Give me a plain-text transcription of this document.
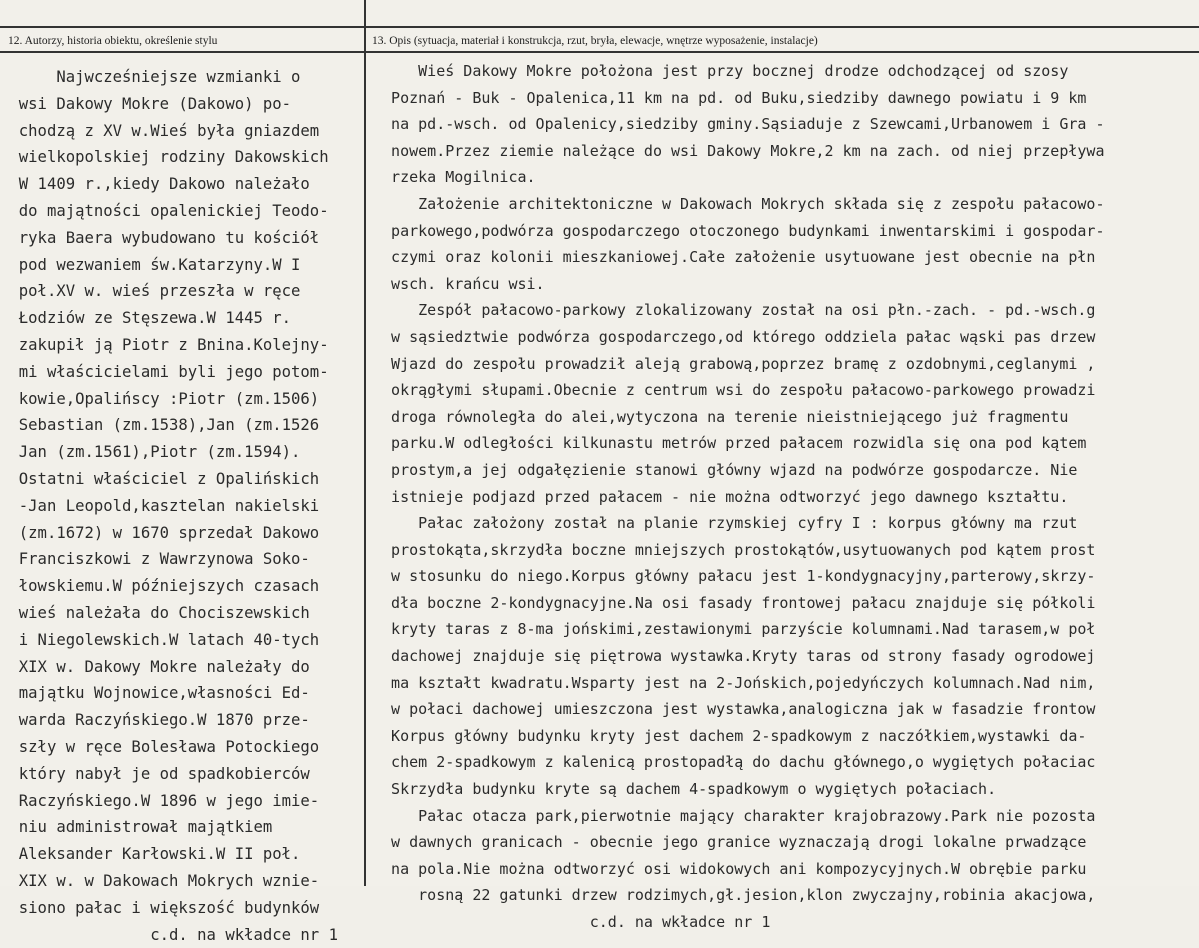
12. Autorzy, historia obiektu, określenie stylu	13. Opis (sytuacja, materiał i konstrukcja, rzut, bryła, elewacje, wnętrze wyposażenie, instalacje)
Najwcześniejsze wzmianki o
wsi Dakowy Mokre (Dakowo) po-
chodzą z XV w.Wieś była gniazdem
wielkopolskiej rodziny Dakowskich
W 1409 r.,kiedy Dakowo należało
do majątności opalenickiej Teodo-
ryka Baera wybudowano tu kościół
pod wezwaniem św.Katarzyny.W I
poł.XV w. wieś przeszła w ręce
Łodziów ze Stęszewa.W 1445 r.
zakupił ją Piotr z Bnina.Kolejny-
mi właścicielami byli jego potom-
kowie,Opalińscy :Piotr (zm.1506)
Sebastian (zm.1538),Jan (zm.1526
Jan (zm.1561),Piotr (zm.1594).
Ostatni właściciel z Opalińskich
-Jan Leopold,kasztelan nakielski
(zm.1672) w 1670 sprzedał Dakowo
Franciszkowi z Wawrzynowa Soko-
łowskiemu.W późniejszych czasach
wieś należała do Chociszewskich
i Niegolewskich.W latach 40-tych
XIX w. Dakowy Mokre należały do
majątku Wojnowice,własności Ed-
warda Raczyńskiego.W 1870 prze-
szły w ręce Bolesława Potockiego
który nabył je od spadkobierców
Raczyńskiego.W 1896 w jego imie-
niu administrował majątkiem
Aleksander Karłowski.W II poł.
XIX w. w Dakowach Mokrych wznie-
siono pałac i większość budynków
c.d. na wkładce nr 1
Wieś Dakowy Mokre położona jest przy bocznej drodze odchodzącej od szosy
Poznań - Buk - Opalenica,11 km na pd. od Buku,siedziby dawnego powiatu i 9 km
na pd.-wsch. od Opalenicy,siedziby gminy.Sąsiaduje z Szewcami,Urbanowem i Gra -
nowem.Przez ziemie należące do wsi Dakowy Mokre,2 km na zach. od niej przepływa
rzeka Mogilnica.
Założenie architektoniczne w Dakowach Mokrych składa się z zespołu pałacowo-
parkowego,podwórza gospodarczego otoczonego budynkami inwentarskimi i gospodar-
czymi oraz kolonii mieszkaniowej.Całe założenie usytuowane jest obecnie na płn
wsch. krańcu wsi.
Zespół pałacowo-parkowy zlokalizowany został na osi płn.-zach. - pd.-wsch.g
w sąsiedztwie podwórza gospodarczego,od którego oddziela pałac wąski pas drzew
Wjazd do zespołu prowadził aleją grabową,poprzez bramę z ozdobnymi,ceglanymi ,
okrągłymi słupami.Obecnie z centrum wsi do zespołu pałacowo-parkowego prowadzi
droga równoległa do alei,wytyczona na terenie nieistniejącego już fragmentu
parku.W odległości kilkunastu metrów przed pałacem rozwidla się ona pod kątem
prostym,a jej odgałęzienie stanowi główny wjazd na podwórze gospodarcze. Nie
istnieje podjazd przed pałacem - nie można odtworzyć jego dawnego kształtu.
Pałac założony został na planie rzymskiej cyfry I : korpus główny ma rzut
prostokąta,skrzydła boczne mniejszych prostokątów,usytuowanych pod kątem prost
w stosunku do niego.Korpus główny pałacu jest 1-kondygnacyjny,parterowy,skrzy-
dła boczne 2-kondygnacyjne.Na osi fasady frontowej pałacu znajduje się półkoli
kryty taras z 8-ma jońskimi,zestawionymi parzyście kolumnami.Nad tarasem,w poł
dachowej znajduje się piętrowa wystawka.Kryty taras od strony fasady ogrodowej
ma kształt kwadratu.Wsparty jest na 2-Jońskich,pojedyńczych kolumnach.Nad nim,
w połaci dachowej umieszczona jest wystawka,analogiczna jak w fasadzie frontow
Korpus główny budynku kryty jest dachem 2-spadkowym z naczółkiem,wystawki da-
chem 2-spadkowym z kalenicą prostopadłą do dachu głównego,o wygiętych połaciac
Skrzydła budynku kryte są dachem 4-spadkowym o wygiętych połaciach.
Pałac otacza park,pierwotnie mający charakter krajobrazowy.Park nie pozosta
w dawnych granicach - obecnie jego granice wyznaczają drogi lokalne prwadzące
na pola.Nie można odtworzyć osi widokowych ani kompozycyjnych.W obrębie parku
rosną 22 gatunki drzew rodzimych,gł.jesion,klon zwyczajny,robinia akacjowa,
c.d. na wkładce nr 1
